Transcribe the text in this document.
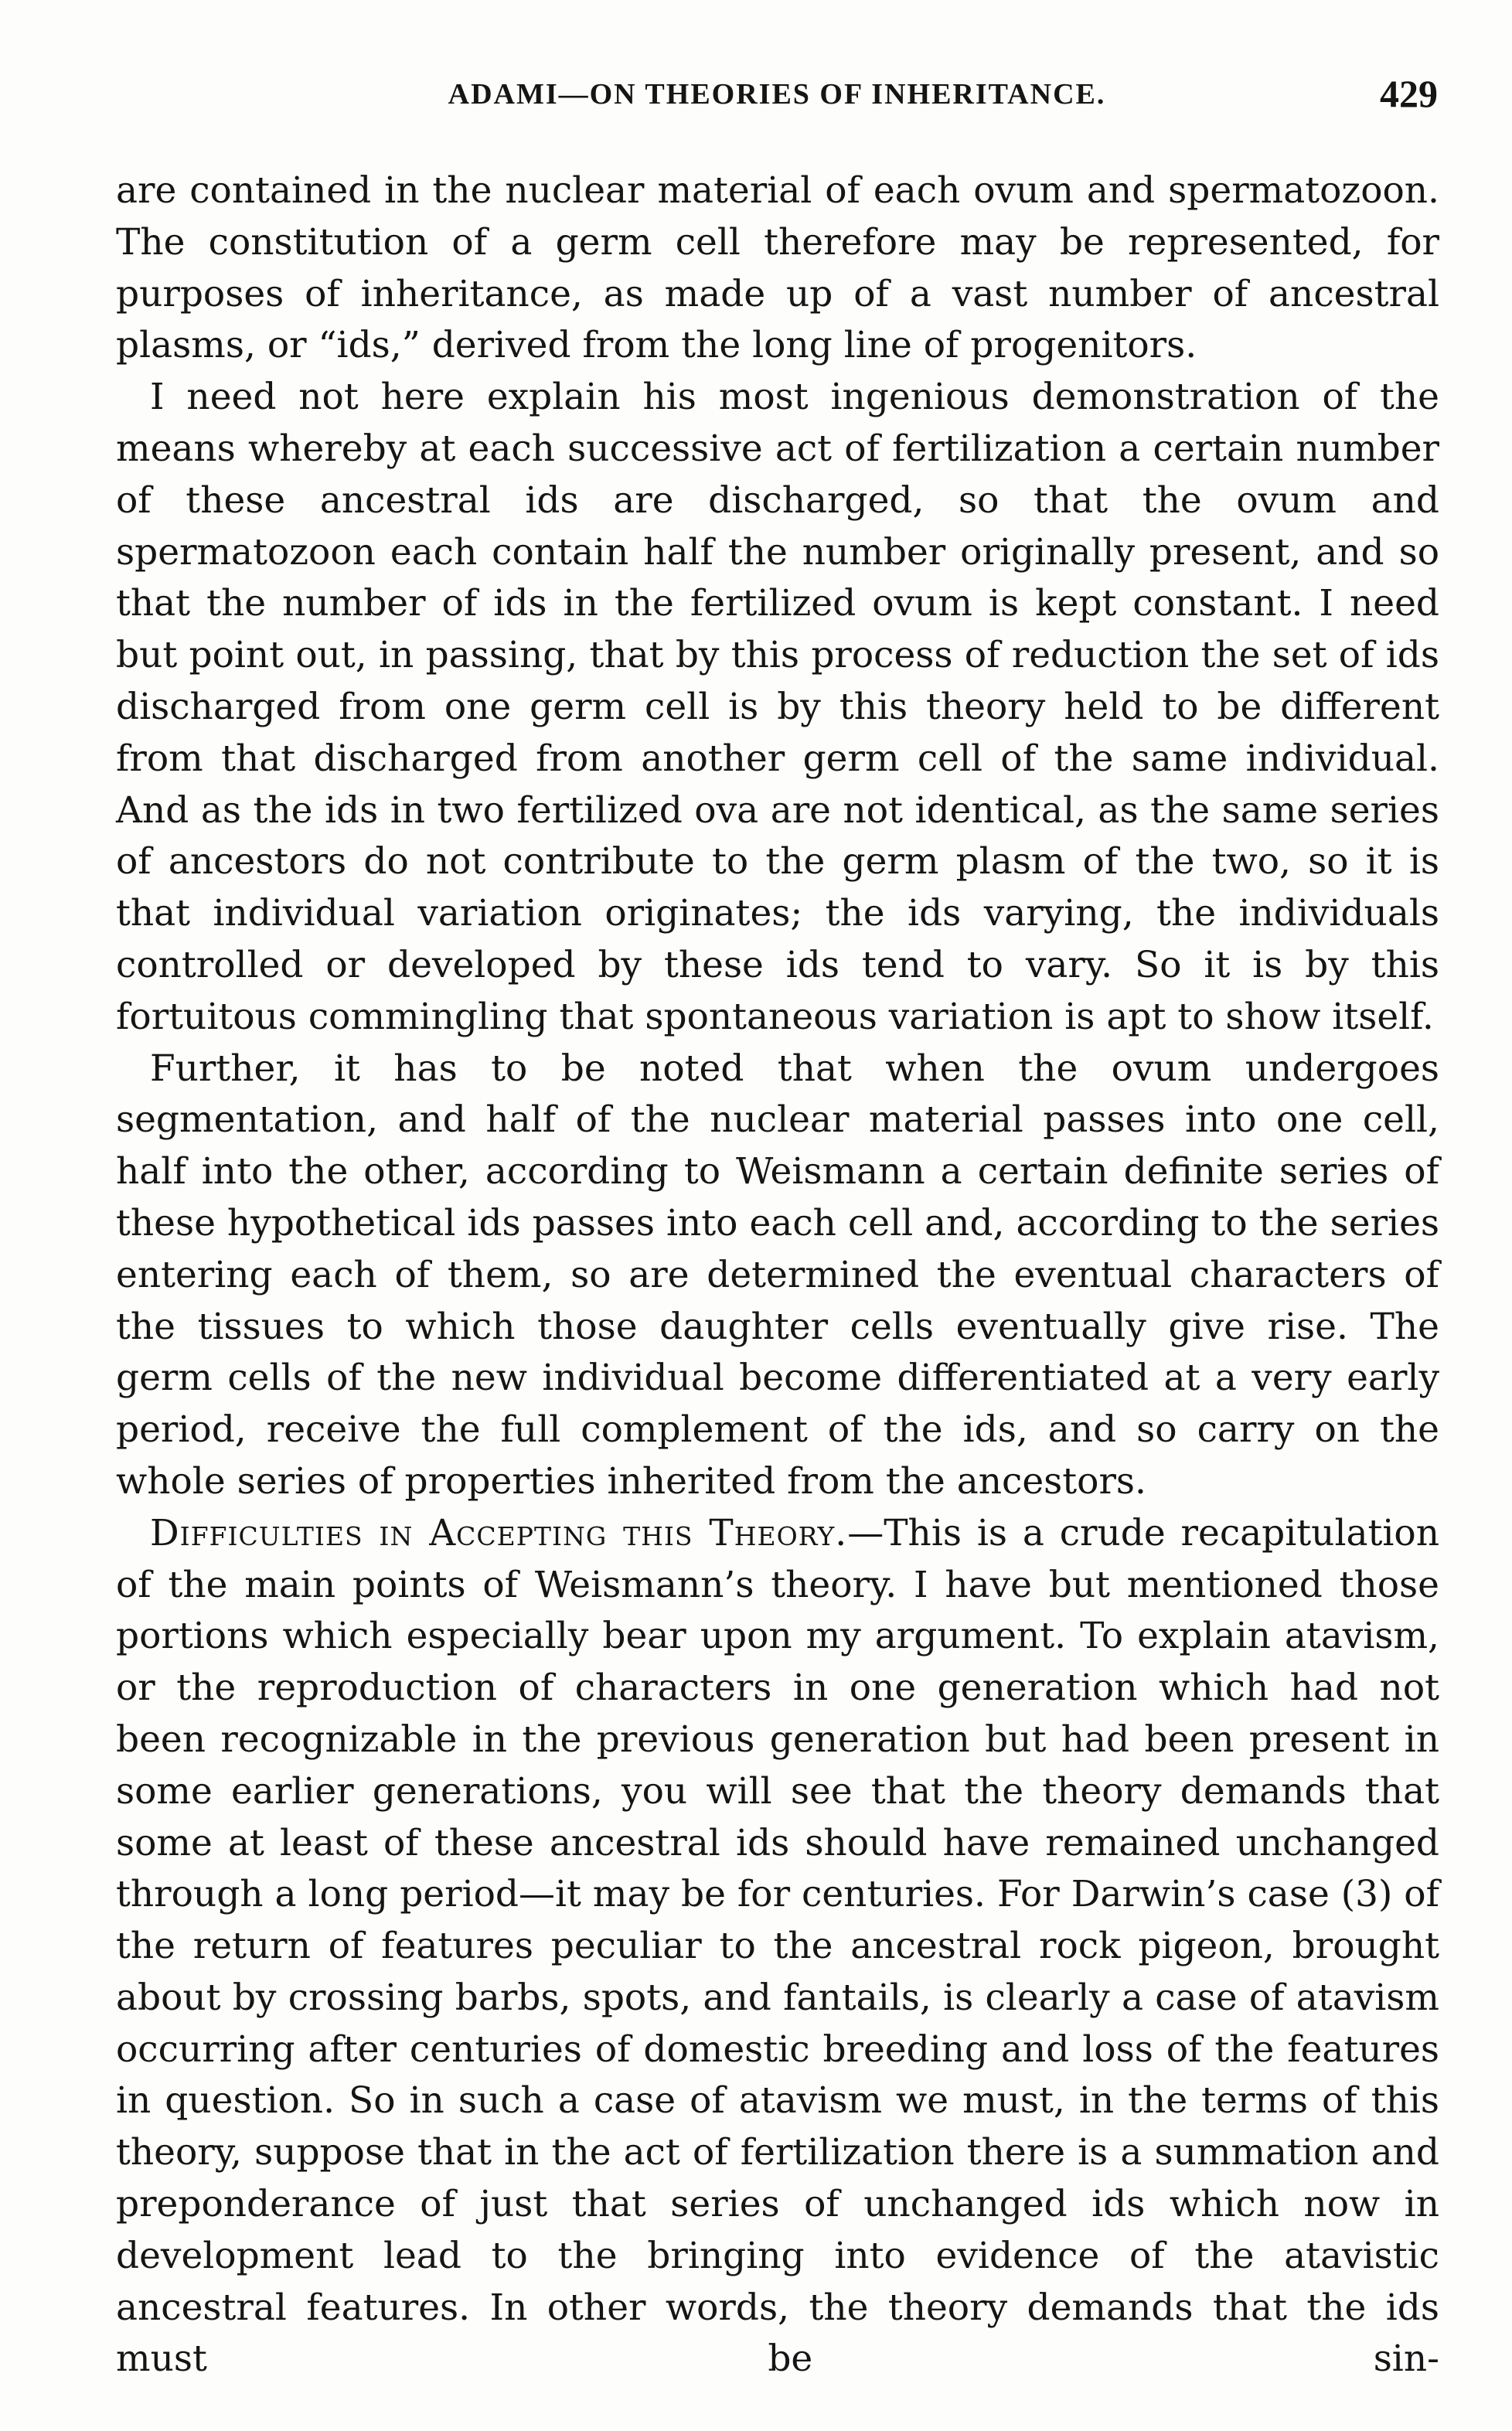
ADAMI—ON THEORIES OF INHERITANCE.	429

are contained in the nuclear material of each ovum and spermatozoon. The constitution of a germ cell therefore may be represented, for purposes of inheritance, as made up of a vast number of ancestral plasms, or “ids,” derived from the long line of progenitors.

I need not here explain his most ingenious demonstration of the means whereby at each successive act of fertilization a certain number of these ancestral ids are discharged, so that the ovum and spermatozoon each contain half the number originally present, and so that the number of ids in the fertilized ovum is kept constant. I need but point out, in passing, that by this process of reduction the set of ids discharged from one germ cell is by this theory held to be different from that discharged from another germ cell of the same individual. And as the ids in two fertilized ova are not identical, as the same series of ancestors do not contribute to the germ plasm of the two, so it is that individual variation originates; the ids varying, the individuals controlled or developed by these ids tend to vary. So it is by this fortuitous commingling that spontaneous variation is apt to show itself.

Further, it has to be noted that when the ovum undergoes segmentation, and half of the nuclear material passes into one cell, half into the other, according to Weismann a certain definite series of these hypothetical ids passes into each cell and, according to the series entering each of them, so are determined the eventual characters of the tissues to which those daughter cells eventually give rise. The germ cells of the new individual become differentiated at a very early period, receive the full complement of the ids, and so carry on the whole series of properties inherited from the ancestors.

Difficulties in Accepting this Theory.—This is a crude recapitulation of the main points of Weismann’s theory. I have but mentioned those portions which especially bear upon my argument. To explain atavism, or the reproduction of characters in one generation which had not been recognizable in the previous generation but had been present in some earlier generations, you will see that the theory demands that some at least of these ancestral ids should have remained unchanged through a long period—it may be for centuries. For Darwin’s case (3) of the return of features peculiar to the ancestral rock pigeon, brought about by crossing barbs, spots, and fantails, is clearly a case of atavism occurring after centuries of domestic breeding and loss of the features in question. So in such a case of atavism we must, in the terms of this theory, suppose that in the act of fertilization there is a summation and preponderance of just that series of unchanged ids which now in development lead to the bringing into evidence of the atavistic ancestral features. In other words, the theory demands that the ids must be sin-
